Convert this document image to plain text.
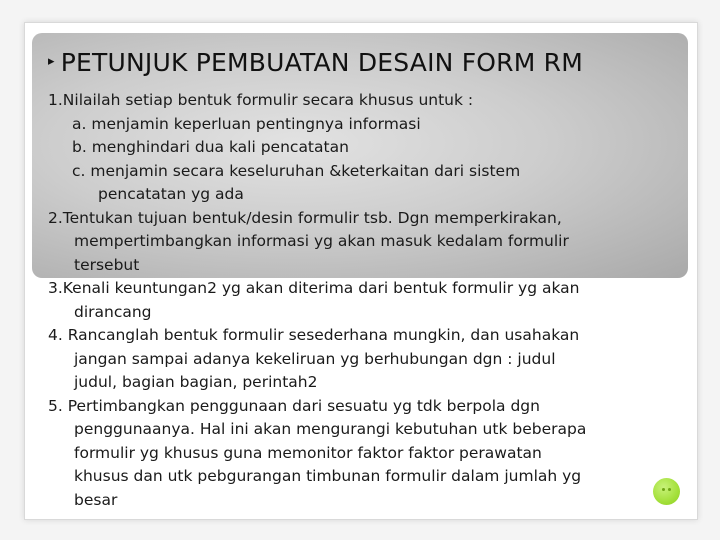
▸ PETUNJUK PEMBUATAN DESAIN FORM RM
1.Nilailah setiap bentuk formulir secara khusus untuk :
a. menjamin keperluan pentingnya informasi
b. menghindari dua kali pencatatan
c. menjamin secara keseluruhan &keterkaitan dari sistem
pencatatan yg ada
2.Tentukan tujuan bentuk/desin formulir tsb. Dgn memperkirakan,
mempertimbangkan informasi yg akan masuk kedalam formulir
tersebut
3.Kenali keuntungan2 yg akan diterima dari bentuk formulir yg akan
dirancang
4. Rancanglah bentuk formulir sesederhana mungkin, dan usahakan
jangan sampai adanya kekeliruan yg berhubungan dgn : judul
judul, bagian bagian, perintah2
5. Pertimbangkan penggunaan dari sesuatu yg tdk berpola dgn
penggunaanya. Hal ini akan mengurangi kebutuhan utk beberapa
formulir yg khusus guna memonitor faktor faktor perawatan
khusus dan utk pebgurangan timbunan formulir dalam jumlah yg
besar
